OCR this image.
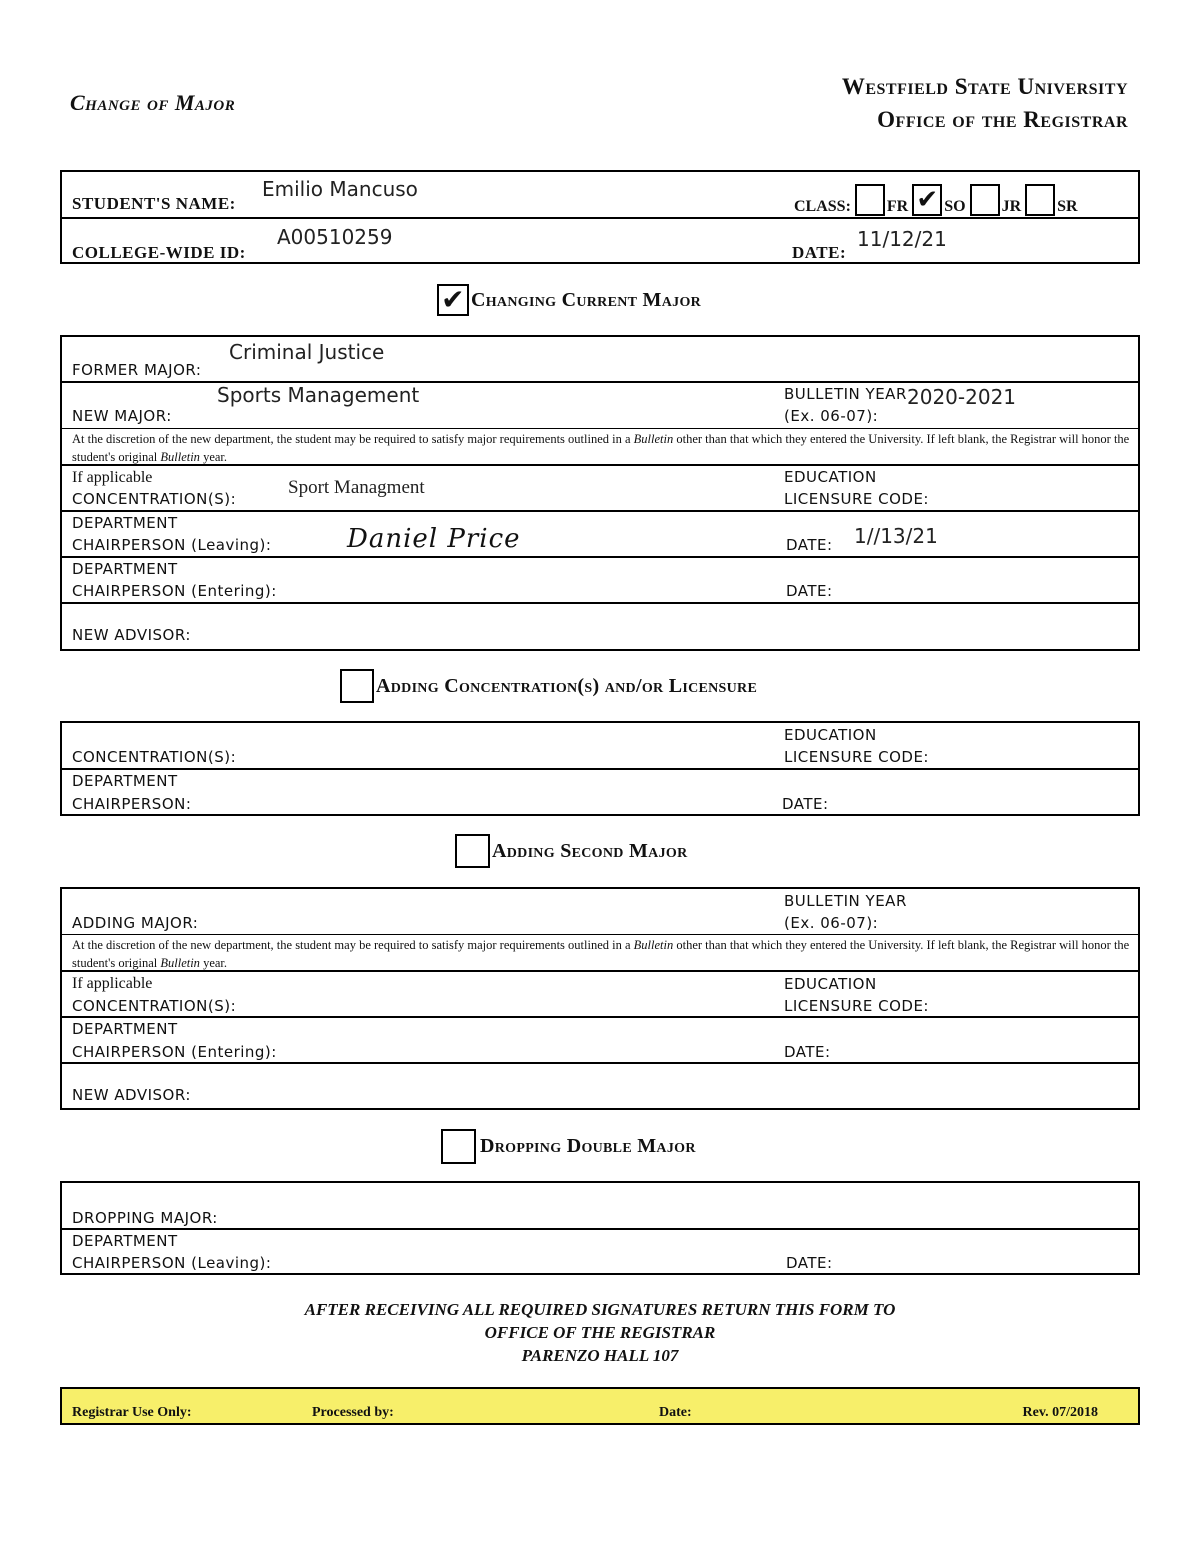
Change of Major
Westfield State University
Office of the Registrar
STUDENT'S NAME:
Emilio Mancuso
CLASS: FR ✔ SO JR SR
COLLEGE-WIDE ID:
A00510259
DATE:
11/12/21
✔ Changing Current Major
FORMER MAJOR:
Criminal Justice
NEW MAJOR:
Sports Management	BULLETIN YEAR
(Ex. 06-07):
2020-2021
At the discretion of the new department, the student may be required to satisfy major requirements outlined in a Bulletin other than that which they entered the University. If left blank, the Registrar will honor the student's original Bulletin year.
If applicable
CONCENTRATION(S):
Sport Managment	EDUCATION
LICENSURE CODE:
DEPARTMENT
CHAIRPERSON (Leaving):	Daniel Price	DATE: 1//13/21
DEPARTMENT
CHAIRPERSON (Entering):	DATE:
NEW ADVISOR:
Adding Concentration(s) and/or Licensure
CONCENTRATION(S):
EDUCATION
LICENSURE CODE:
DEPARTMENT
CHAIRPERSON:	DATE:
Adding Second Major
ADDING MAJOR:
BULLETIN YEAR
(Ex. 06-07):
At the discretion of the new department, the student may be required to satisfy major requirements outlined in a Bulletin other than that which they entered the University. If left blank, the Registrar will honor the student's original Bulletin year.
If applicable
CONCENTRATION(S):
EDUCATION
LICENSURE CODE:
DEPARTMENT
CHAIRPERSON (Entering):	DATE:
NEW ADVISOR:
Dropping Double Major
DROPPING MAJOR:
DEPARTMENT
CHAIRPERSON (Leaving):	DATE:
AFTER RECEIVING ALL REQUIRED SIGNATURES RETURN THIS FORM TO
OFFICE OF THE REGISTRAR
PARENZO HALL 107
Registrar Use Only:	Processed by:	Date:	Rev. 07/2018
